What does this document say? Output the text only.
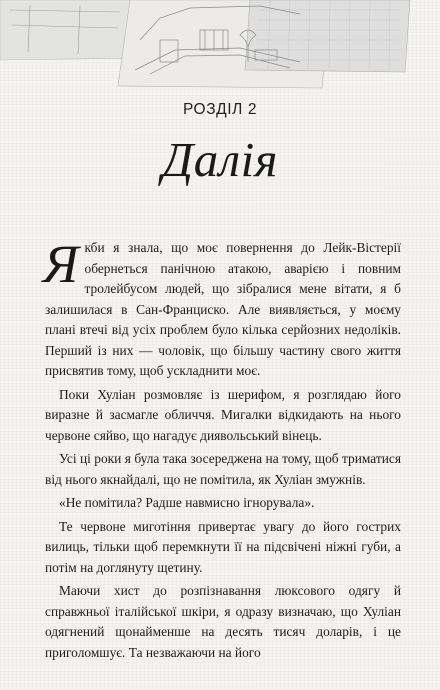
РОЗДІЛ 2
Далія

Якби я знала, що моє повернення до Лейк-Вістерії обернеться панічною атакою, аварією і повним тролейбусом людей, що зібралися мене вітати, я б залишилася в Сан-Франциско. Але виявляється, у моєму плані втечі від усіх проблем було кілька серйозних недоліків. Перший із них — чоловік, що більшу частину свого життя присвятив тому, щоб ускладнити моє.

Поки Хуліан розмовляє із шерифом, я розглядаю його виразне й засмагле обличчя. Мигалки відкидають на нього червоне сяйво, що нагадує диявольський вінець.

Усі ці роки я була така зосереджена на тому, щоб триматися від нього якнайдалі, що не помітила, як Хуліан змужнів.

«Не помітила? Радше навмисно ігнорувала».

Те червоне миготіння привертає увагу до його гострих вилиць, тільки щоб перемкнути її на підсвічені ніжні губи, а потім на доглянуту щетину.

Маючи хист до розпізнавання люксового одягу й справжньої італійської шкіри, я одразу визначаю, що Хуліан одягнений щонайменше на десять тисяч доларів, і це приголомшує. Та незважаючи на його
